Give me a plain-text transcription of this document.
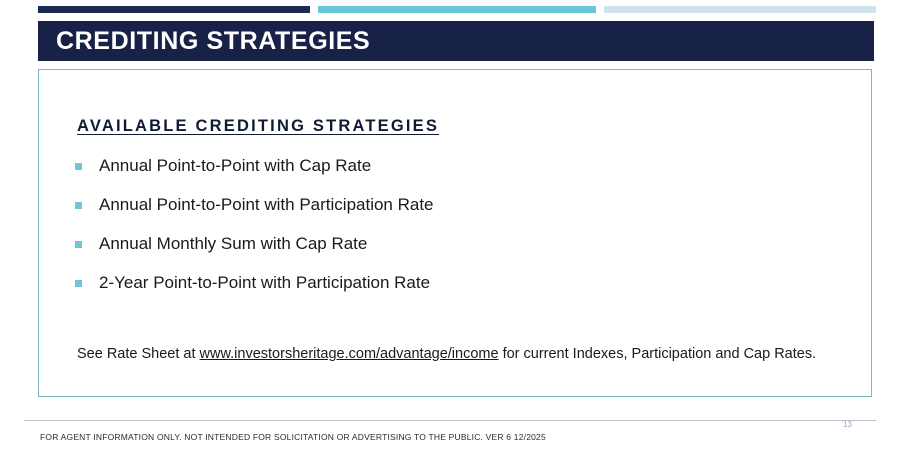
CREDITING STRATEGIES
AVAILABLE CREDITING STRATEGIES
Annual Point-to-Point with Cap Rate
Annual Point-to-Point with Participation Rate
Annual Monthly Sum with Cap Rate
2-Year Point-to-Point with Participation Rate
See Rate Sheet at www.investorsheritage.com/advantage/income for current Indexes, Participation and Cap Rates.
13
FOR AGENT INFORMATION ONLY. NOT INTENDED FOR SOLICITATION OR ADVERTISING TO THE PUBLIC. VER 6 12/2025
